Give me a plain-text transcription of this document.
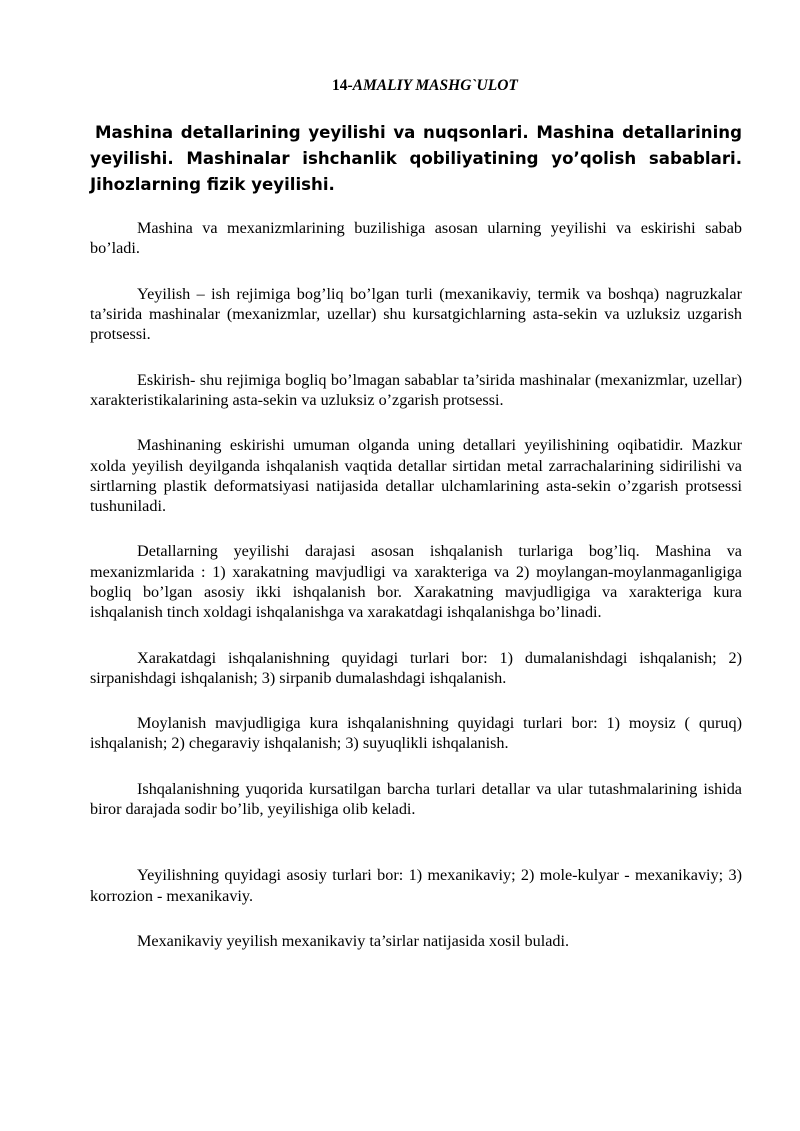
14-AMALIY MASHG`ULOT
Mashina detallarining yeyilishi va nuqsonlari. Mashina detallarining yeyilishi. Mashinalar ishchanlik qobiliyatining yo’qolish sabablari. Jihozlarning fizik yeyilishi.

Mashina va mexanizmlarining buzilishiga asosan ularning yeyilishi va eskirishi sabab bo’ladi.

Yeyilish – ish rejimiga bog’liq bo’lgan turli (mexanikaviy, termik va boshqa) nagruzkalar ta’sirida mashinalar (mexanizmlar, uzellar) shu kursatgichlarning asta-sekin va uzluksiz uzgarish protsessi.

Eskirish- shu rejimiga bogliq bo’lmagan sabablar ta’sirida mashinalar (mexanizmlar, uzellar) xarakteristikalarining asta-sekin va uzluksiz o’zgarish protsessi.

Mashinaning eskirishi umuman olganda uning detallari yeyilishining oqibatidir. Mazkur xolda yeyilish deyilganda ishqalanish vaqtida detallar sirtidan metal zarrachalarining sidirilishi va sirtlarning plastik deformatsiyasi natijasida detallar ulchamlarining asta-sekin o’zgarish protsessi tushuniladi.

Detallarning yeyilishi darajasi asosan ishqalanish turlariga bog’liq. Mashina va mexanizmlarida : 1) xarakatning mavjudligi va xarakteriga va 2) moylangan-moylanmaganligiga bogliq bo’lgan asosiy ikki ishqalanish bor. Xarakatning mavjudligiga va xarakteriga kura ishqalanish tinch xoldagi ishqalanishga va xarakatdagi ishqalanishga bo’linadi.

Xarakatdagi ishqalanishning quyidagi turlari bor: 1) dumalanishdagi ishqalanish; 2) sirpanishdagi ishqalanish; 3) sirpanib dumalashdagi ishqalanish.

Moylanish mavjudligiga kura ishqalanishning quyidagi turlari bor: 1) moysiz ( quruq) ishqalanish; 2) chegaraviy ishqalanish; 3) suyuqlikli ishqalanish.

Ishqalanishning yuqorida kursatilgan barcha turlari detallar va ular tutashmalarining ishida biror darajada sodir bo’lib, yeyilishiga olib keladi.

Yeyilishning quyidagi asosiy turlari bor: 1) mexanikaviy; 2) mole-kulyar - mexanikaviy; 3) korrozion - mexanikaviy.

Mexanikaviy yeyilish mexanikaviy ta’sirlar natijasida xosil buladi.
